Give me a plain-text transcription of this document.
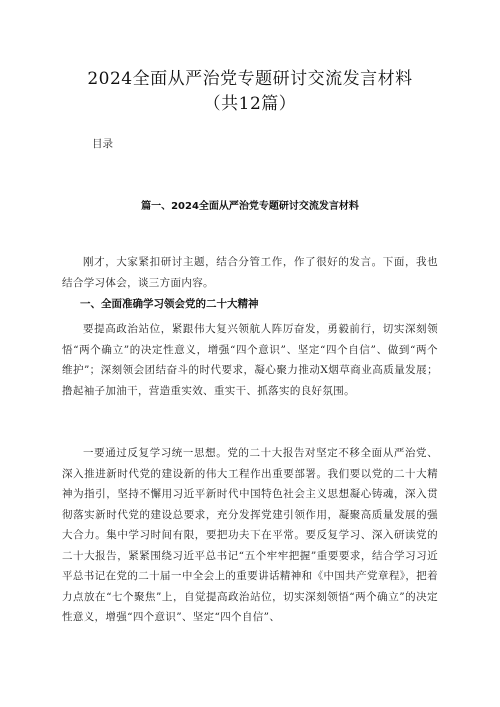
2024全面从严治党专题研讨交流发言材料
（共12篇）
目录
篇一、2024全面从严治党专题研讨交流发言材料

刚才，大家紧扣研讨主题，结合分管工作，作了很好的发言。下面，我也结合学习体会，谈三方面内容。

一、全面准确学习领会党的二十大精神

要提高政治站位，紧跟伟大复兴领航人阵厉奋发，勇毅前行，切实深刻领悟“两个确立”的决定性意义，增强“四个意识”、坚定“四个自信”、做到“两个维护”；深刻领会团结奋斗的时代要求，凝心聚力推动X烟草商业高质量发展；撸起袖子加油干，营造重实效、重实干、抓落实的良好氛围。

一要通过反复学习统一思想。党的二十大报告对坚定不移全面从严治党、深入推进新时代党的建设新的伟大工程作出重要部署。我们要以党的二十大精神为指引，坚持不懈用习近平新时代中国特色社会主义思想凝心铸魂，深入贯彻落实新时代党的建设总要求，充分发挥党建引领作用，凝聚高质量发展的强大合力。集中学习时间有限，要把功夫下在平常。要反复学习、深入研读党的二十大报告，紧紧围绕习近平总书记“五个牢牢把握”重要要求，结合学习习近平总书记在党的二十届一中全会上的重要讲话精神和《中国共产党章程》，把着力点放在“七个聚焦”上，自觉提高政治站位，切实深刻领悟“两个确立”的决定性意义，增强“四个意识”、坚定“四个自信”、
